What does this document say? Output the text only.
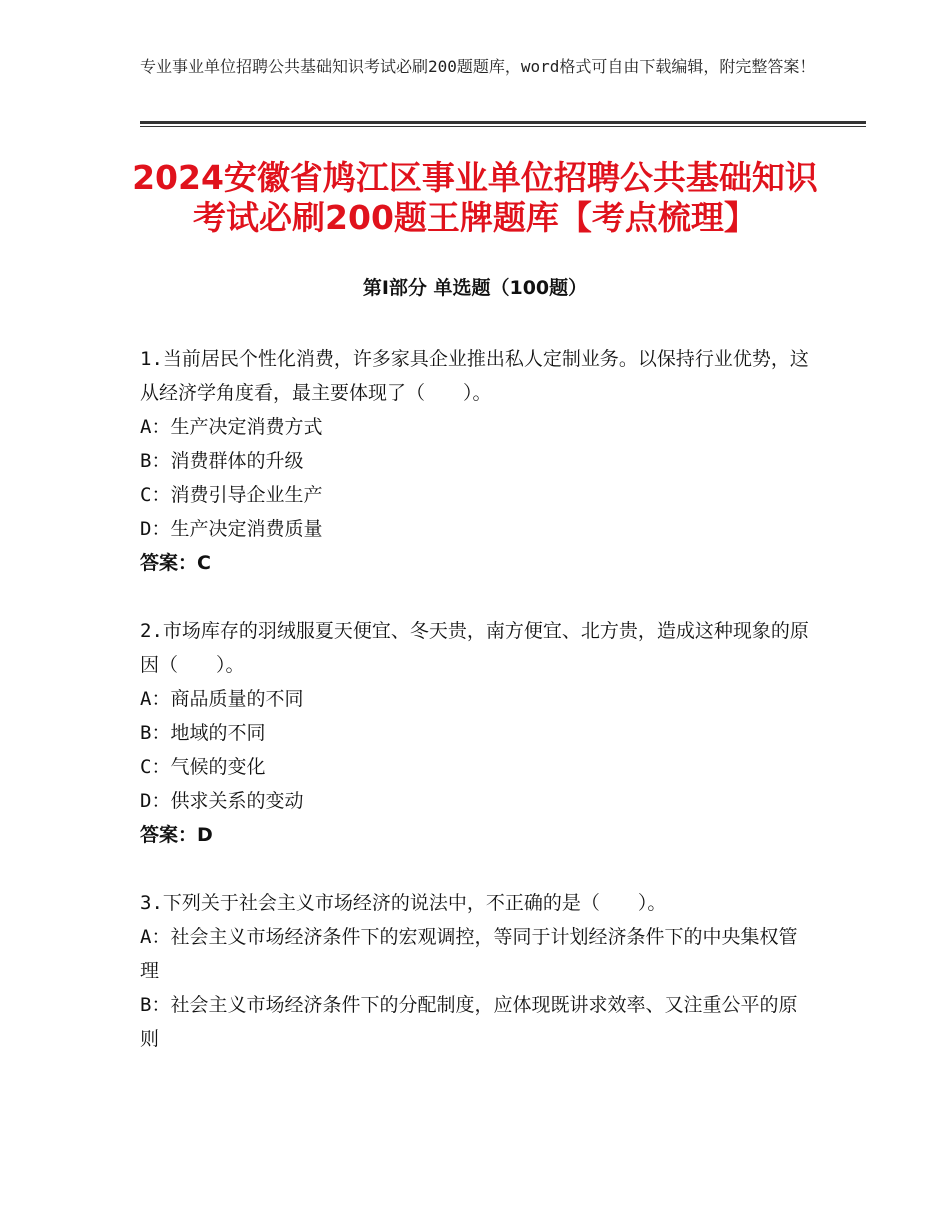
专业事业单位招聘公共基础知识考试必刷200题题库，word格式可自由下载编辑，附完整答案！
2024安徽省鸠江区事业单位招聘公共基础知识考试必刷200题王牌题库【考点梳理】
第Ⅰ部分 单选题（100题）

1.当前居民个性化消费，许多家具企业推出私人定制业务。以保持行业优势，这从经济学角度看，最主要体现了（　　）。

A：生产决定消费方式

B：消费群体的升级

C：消费引导企业生产

D：生产决定消费质量

答案：C

2.市场库存的羽绒服夏天便宜、冬天贵，南方便宜、北方贵，造成这种现象的原因（　　）。

A：商品质量的不同

B：地域的不同

C：气候的变化

D：供求关系的变动

答案：D

3.下列关于社会主义市场经济的说法中，不正确的是（　　）。

A：社会主义市场经济条件下的宏观调控，等同于计划经济条件下的中央集权管理

B：社会主义市场经济条件下的分配制度，应体现既讲求效率、又注重公平的原则
